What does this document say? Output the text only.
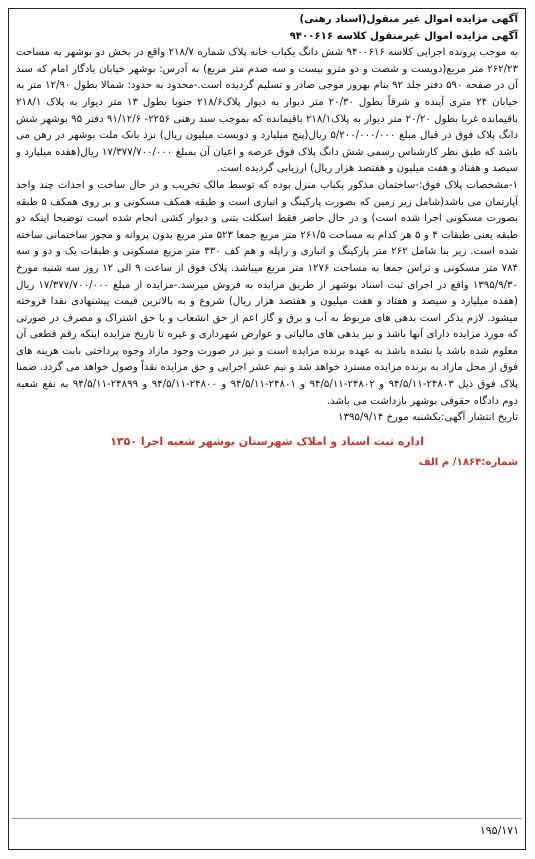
آگهی مزایده اموال غیر منقول(اسناد رهنی)
آگهی مزایده اموال غیرمنقول کلاسه ۹۴۰۰۶۱۶

به موجب پرونده اجرایی کلاسه ۹۴۰۰۶۱۶ شش دانگ یکباب خانه پلاک شماره ۲۱۸/۷ واقع در بخش دو بوشهر به مساحت ۲۶۲/۲۳ متر مربع(دویست و شصت و دو مترو بیست و سه صدم متر مربع) به آدرس: بوشهر خیابان یادگار امام که سند آن در صفحه ۵۹۰ دفتر جلد ۹۲ بنام بهروز موجی صادر و تسلیم گردیده است.-محدود به حدود: شمالا بطول ۱۲/۹۰ متر به خیابان ۲۴ متری آینده و شرقاً بطول ۲۰/۳۰ متر دیوار به دیوار پلاک۲۱۸/۶ جنوبا بطول ۱۳ متر دیوار به پلاک ۲۱۸/۱ باقیمانده غربا بطول ۲۰/۲۰ متر دیوار به پلاک۲۱۸/۱ باقیمانده که بموجب سند رهنی ۲۲۵۶- ۹۱/۱۲/۶ دفتر ۹۵ بوشهر شش دانگ پلاک فوق در قبال مبلغ ۵/۲۰۰/۰۰۰/۰۰۰ ریال(پنج میلیارد و دویست میلیون ریال) نزد بانک ملت بوشهر در رهن می باشد که طبق نظر کارشناس رسمی شش دانگ پلاک فوق عرصه و اعیان آن بمبلغ ۱۷/۳۷۷/۷۰۰/۰۰۰ ریال(هفده میلیارد و سیصد و هفتاد و هفت میلیون و هفتصد هزار ریال) ارزیابی گردیده است.

۱-مشخصات پلاک فوق:-ساختمان مذکور یکباب منزل بوده که توسط مالک تخریب و در حال ساخت و احداث چند واحد آپارتمان می باشد(شامل زیر زمین که بصورت پارکینگ و انباری است و طبقه همکف مسکونی و بر روی همکف ۵ طبقه بصورت مسکونی اجرا شده است) و در حال حاضر فقط اسکلت بتنی و دیوار کشی انجام شده است توضیحا اینکه دو طبقه یعنی طبقات ۴ و ۵ هر کدام به مساحت ۲۶۱/۵ متر مربع جمعا ۵۲۳ متر مربع بدون پروانه و مجوز ساختمانی ساخته شده است. زیر بنا شامل ۲۶۲ متر پارکینگ و انباری و راپله و هم کف ۳۳۰ متر مربع مسکونی و طبقات یک و دو و سه ۷۸۴ متر مسکونی و تراس جمعا به مساحت ۱۲۷۶ متر مربع میباشد. پلاک فوق از ساعت ۹ الی ۱۲ روز سه شنبه مورخ ۱۳۹۵/۹/۳۰ واقع در اجرای ثبت اسناد بوشهر از طریق مزایده به فروش میرسد.-مزایده از مبلغ ۱۷/۳۷۷/۷۰۰/۰۰۰ ریال (هفده میلیارد و سیصد و هفتاد و هفت میلیون و هفتصد هزار ریال) شروع و به بالاترین قیمت پیشنهادی نقدا فروخته میشود. لازم بذکر است بدهی های مربوط به آب و برق و گاز اعم از حق انشعاب و یا حق اشتراک و مصرف در صورتی که مورد مزایده دارای آنها باشد و نیز بدهی های مالیاتی و عوارض شهرداری و غیره تا تاریخ مزایده اینکه رقم قطعی آن معلوم شده باشد یا نشده باشد به عهده برنده مزایده است و نیز در صورت وجود مازاد وجوه پرداختی بابت هزینه های فوق از محل مازاد به برنده مزایده مسترد خواهد شد و نیم عشر اجرایی و حق مزایده نقداً وصول خواهد می گردد. ضمنا پلاک فوق ذیل ۲۴۸۰۳-۹۴/۵/۱۱ و ۲۴۸۰۲-۹۴/۵/۱۱ و ۲۴۸۰۱-۹۴/۵/۱۱ و ۲۴۸۰۰-۹۴/۵/۱۱ و ۲۴۸۹۹-۹۴/۵/۱۱ به نفع شعبه دوم دادگاه حقوقی بوشهر بازداشت می باشد.

تاریخ انتشار آگهی:یکشنبه مورخ ۱۳۹۵/۹/۱۴
اداره ثبت اسناد و املاک شهرستان بوشهر شعبه اجرا ۱۳۵۰
شماره:۱۸۶۴/ م الف
۱۹۵/۱۷۱
